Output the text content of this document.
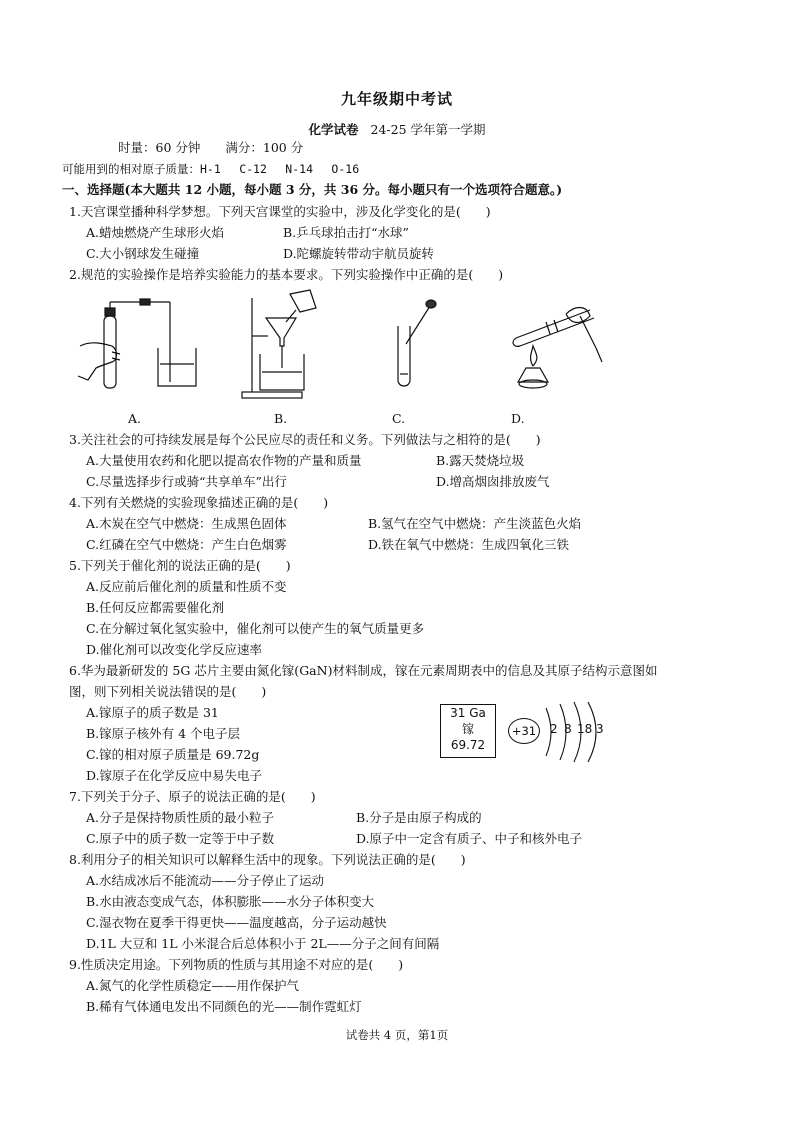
九年级期中考试
化学试卷 24-25 学年第一学期
时量：60 分钟　　满分：100 分
可能用到的相对原子质量：H-1　 C-12　 N-14　 O-16
一、选择题(本大题共 12 小题，每小题 3 分，共 36 分。每小题只有一个选项符合题意。)
1.天宫课堂播种科学梦想。下列天宫课堂的实验中，涉及化学变化的是(　　)
A.蜡烛燃烧产生球形火焰	B.乒乓球拍击打“水球”
C.大小钢球发生碰撞	D.陀螺旋转带动宇航员旋转
2.规范的实验操作是培养实验能力的基本要求。下列实验操作中正确的是(　　)
A.	B.	C.	D.
3.关注社会的可持续发展是每个公民应尽的责任和义务。下列做法与之相符的是(　　)
A.大量使用农药和化肥以提高农作物的产量和质量	B.露天焚烧垃圾
C.尽量选择步行或骑“共享单车”出行	D.增高烟囱排放废气
4.下列有关燃烧的实验现象描述正确的是(　　)
A.木炭在空气中燃烧：生成黑色固体	B.氢气在空气中燃烧：产生淡蓝色火焰
C.红磷在空气中燃烧：产生白色烟雾	D.铁在氧气中燃烧：生成四氧化三铁
5.下列关于催化剂的说法正确的是(　　)
A.反应前后催化剂的质量和性质不变
B.任何反应都需要催化剂
C.在分解过氧化氢实验中，催化剂可以使产生的氧气质量更多
D.催化剂可以改变化学反应速率
6.华为最新研发的 5G 芯片主要由氮化镓(GaN)材料制成，镓在元素周期表中的信息及其原子结构示意图如
图，则下列相关说法错误的是(　　)
A.镓原子的质子数是 31
B.镓原子核外有 4 个电子层
C.镓的相对原子质量是 69.72g
D.镓原子在化学反应中易失电子
31 Ga
镓
69.72
+31	2 8 18 3
7.下列关于分子、原子的说法正确的是(　　)
A.分子是保持物质性质的最小粒子	B.分子是由原子构成的
C.原子中的质子数一定等于中子数	D.原子中一定含有质子、中子和核外电子
8.利用分子的相关知识可以解释生活中的现象。下列说法正确的是(　　)
A.水结成冰后不能流动——分子停止了运动
B.水由液态变成气态，体积膨胀——水分子体积变大
C.湿衣物在夏季干得更快——温度越高，分子运动越快
D.1L 大豆和 1L 小米混合后总体积小于 2L——分子之间有间隔
9.性质决定用途。下列物质的性质与其用途不对应的是(　　)
A.氮气的化学性质稳定——用作保护气
B.稀有气体通电发出不同颜色的光——制作霓虹灯
试卷共 4 页，第1页
